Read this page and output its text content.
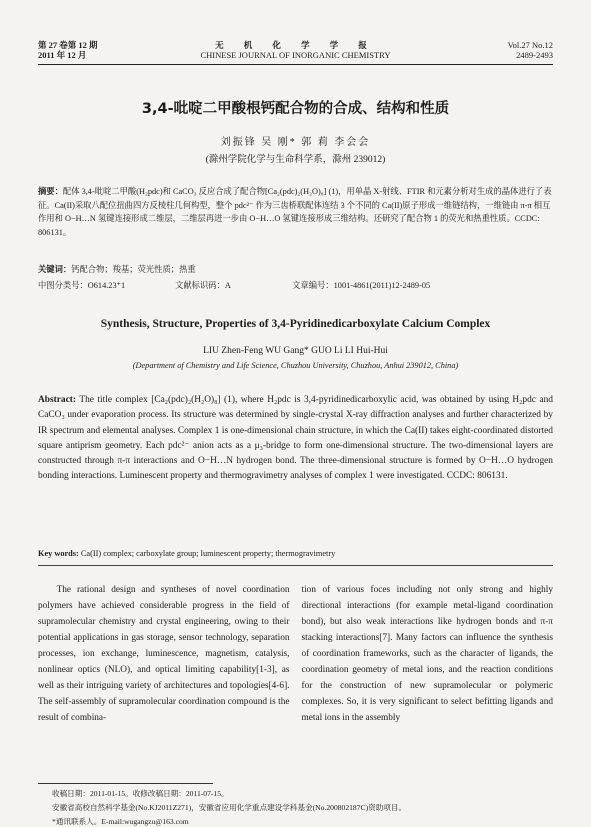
第 27 卷第 12 期
2011 年 12 月
无 机 化 学 学 报
CHINESE JOURNAL OF INORGANIC CHEMISTRY
Vol.27 No.12
2489-2493
3,4-吡啶二甲酸根钙配合物的合成、结构和性质
刘振锋 吴 刚* 郭 莉 李会会
(滁州学院化学与生命科学系，滁州 239012)
摘要：配体 3,4-吡啶二甲酸(H₂pdc)和 CaCO₃ 反应合成了配合物[Ca₂(pdc)₂(H₂O)₈] (1)，用单晶 X-射线、FTIR 和元素分析对生成的晶体进行了表征。Ca(II)采取八配位扭曲四方反棱柱几何构型，整个 pdc²⁻ 作为三齿桥联配体连结 3 个不同的 Ca(II)原子形成一维链结构，一维链由 π-π 相互作用和 O−H…N 氢键连接形成二维层，二维层再进一步由 O−H…O 氢键连接形成三维结构。还研究了配合物 1 的荧光和热重性质。CCDC: 806131。
关键词：钙配合物；羧基；荧光性质；热重
中图分类号：O614.23⁺1	文献标识码：A	文章编号：1001-4861(2011)12-2489-05
Synthesis, Structure, Properties of 3,4-Pyridinedicarboxylate Calcium Complex
LIU Zhen-Feng WU Gang* GUO Li LI Hui-Hui
(Department of Chemistry and Life Science, Chuzhou University, Chuzhou, Anhui 239012, China)
Abstract: The title complex [Ca₂(pdc)₂(H₂O)₈] (1), where H₂pdc is 3,4-pyridinedicarboxylic acid, was obtained by using H₂pdc and CaCO₃ under evaporation process. Its structure was determined by single-crystal X-ray diffraction analyses and further characterized by IR spectrum and elemental analyses. Complex 1 is one-dimensional chain structure, in which the Ca(II) takes eight-coordinated distorted square antiprism geometry. Each pdc²⁻ anion acts as a μ₃-bridge to form one-dimensional structure. The two-dimensional layers are constructed through π-π interactions and O−H…N hydrogen bond. The three-dimensional structure is formed by O−H…O hydrogen bonding interactions. Luminescent property and thermogravimetry analyses of complex 1 were investigated. CCDC: 806131.
Key words: Ca(II) complex; carboxylate group; luminescent property; thermogravimetry
The rational design and syntheses of novel coordination polymers have achieved considerable progress in the field of supramolecular chemistry and crystal engineering, owing to their potential applications in gas storage, sensor technology, separation processes, ion exchange, luminescence, magnetism, catalysis, nonlinear optics (NLO), and optical limiting capability[1-3], as well as their intriguing variety of architectures and topologies[4-6]. The self-assembly of supramolecular coordination compound is the result of combina-
tion of various foces including not only strong and highly directional interactions (for example metal-ligand coordination bond), but also weak interactions like hydrogen bonds and π-π stacking interactions[7]. Many factors can influence the synthesis of coordination frameworks, such as the character of ligands, the coordination geometry of metal ions, and the reaction conditions for the construction of new supramolecular or polymeric complexes. So, it is very significant to select befitting ligands and metal ions in the assembly
收稿日期：2011-01-15。收修改稿日期：2011-07-15。
安徽省高校自然科学基金(No.KJ2011Z271)，安徽省应用化学重点建设学科基金(No.200802187C)资助项目。
*通讯联系人。E-mail:wugangzu@163.com
